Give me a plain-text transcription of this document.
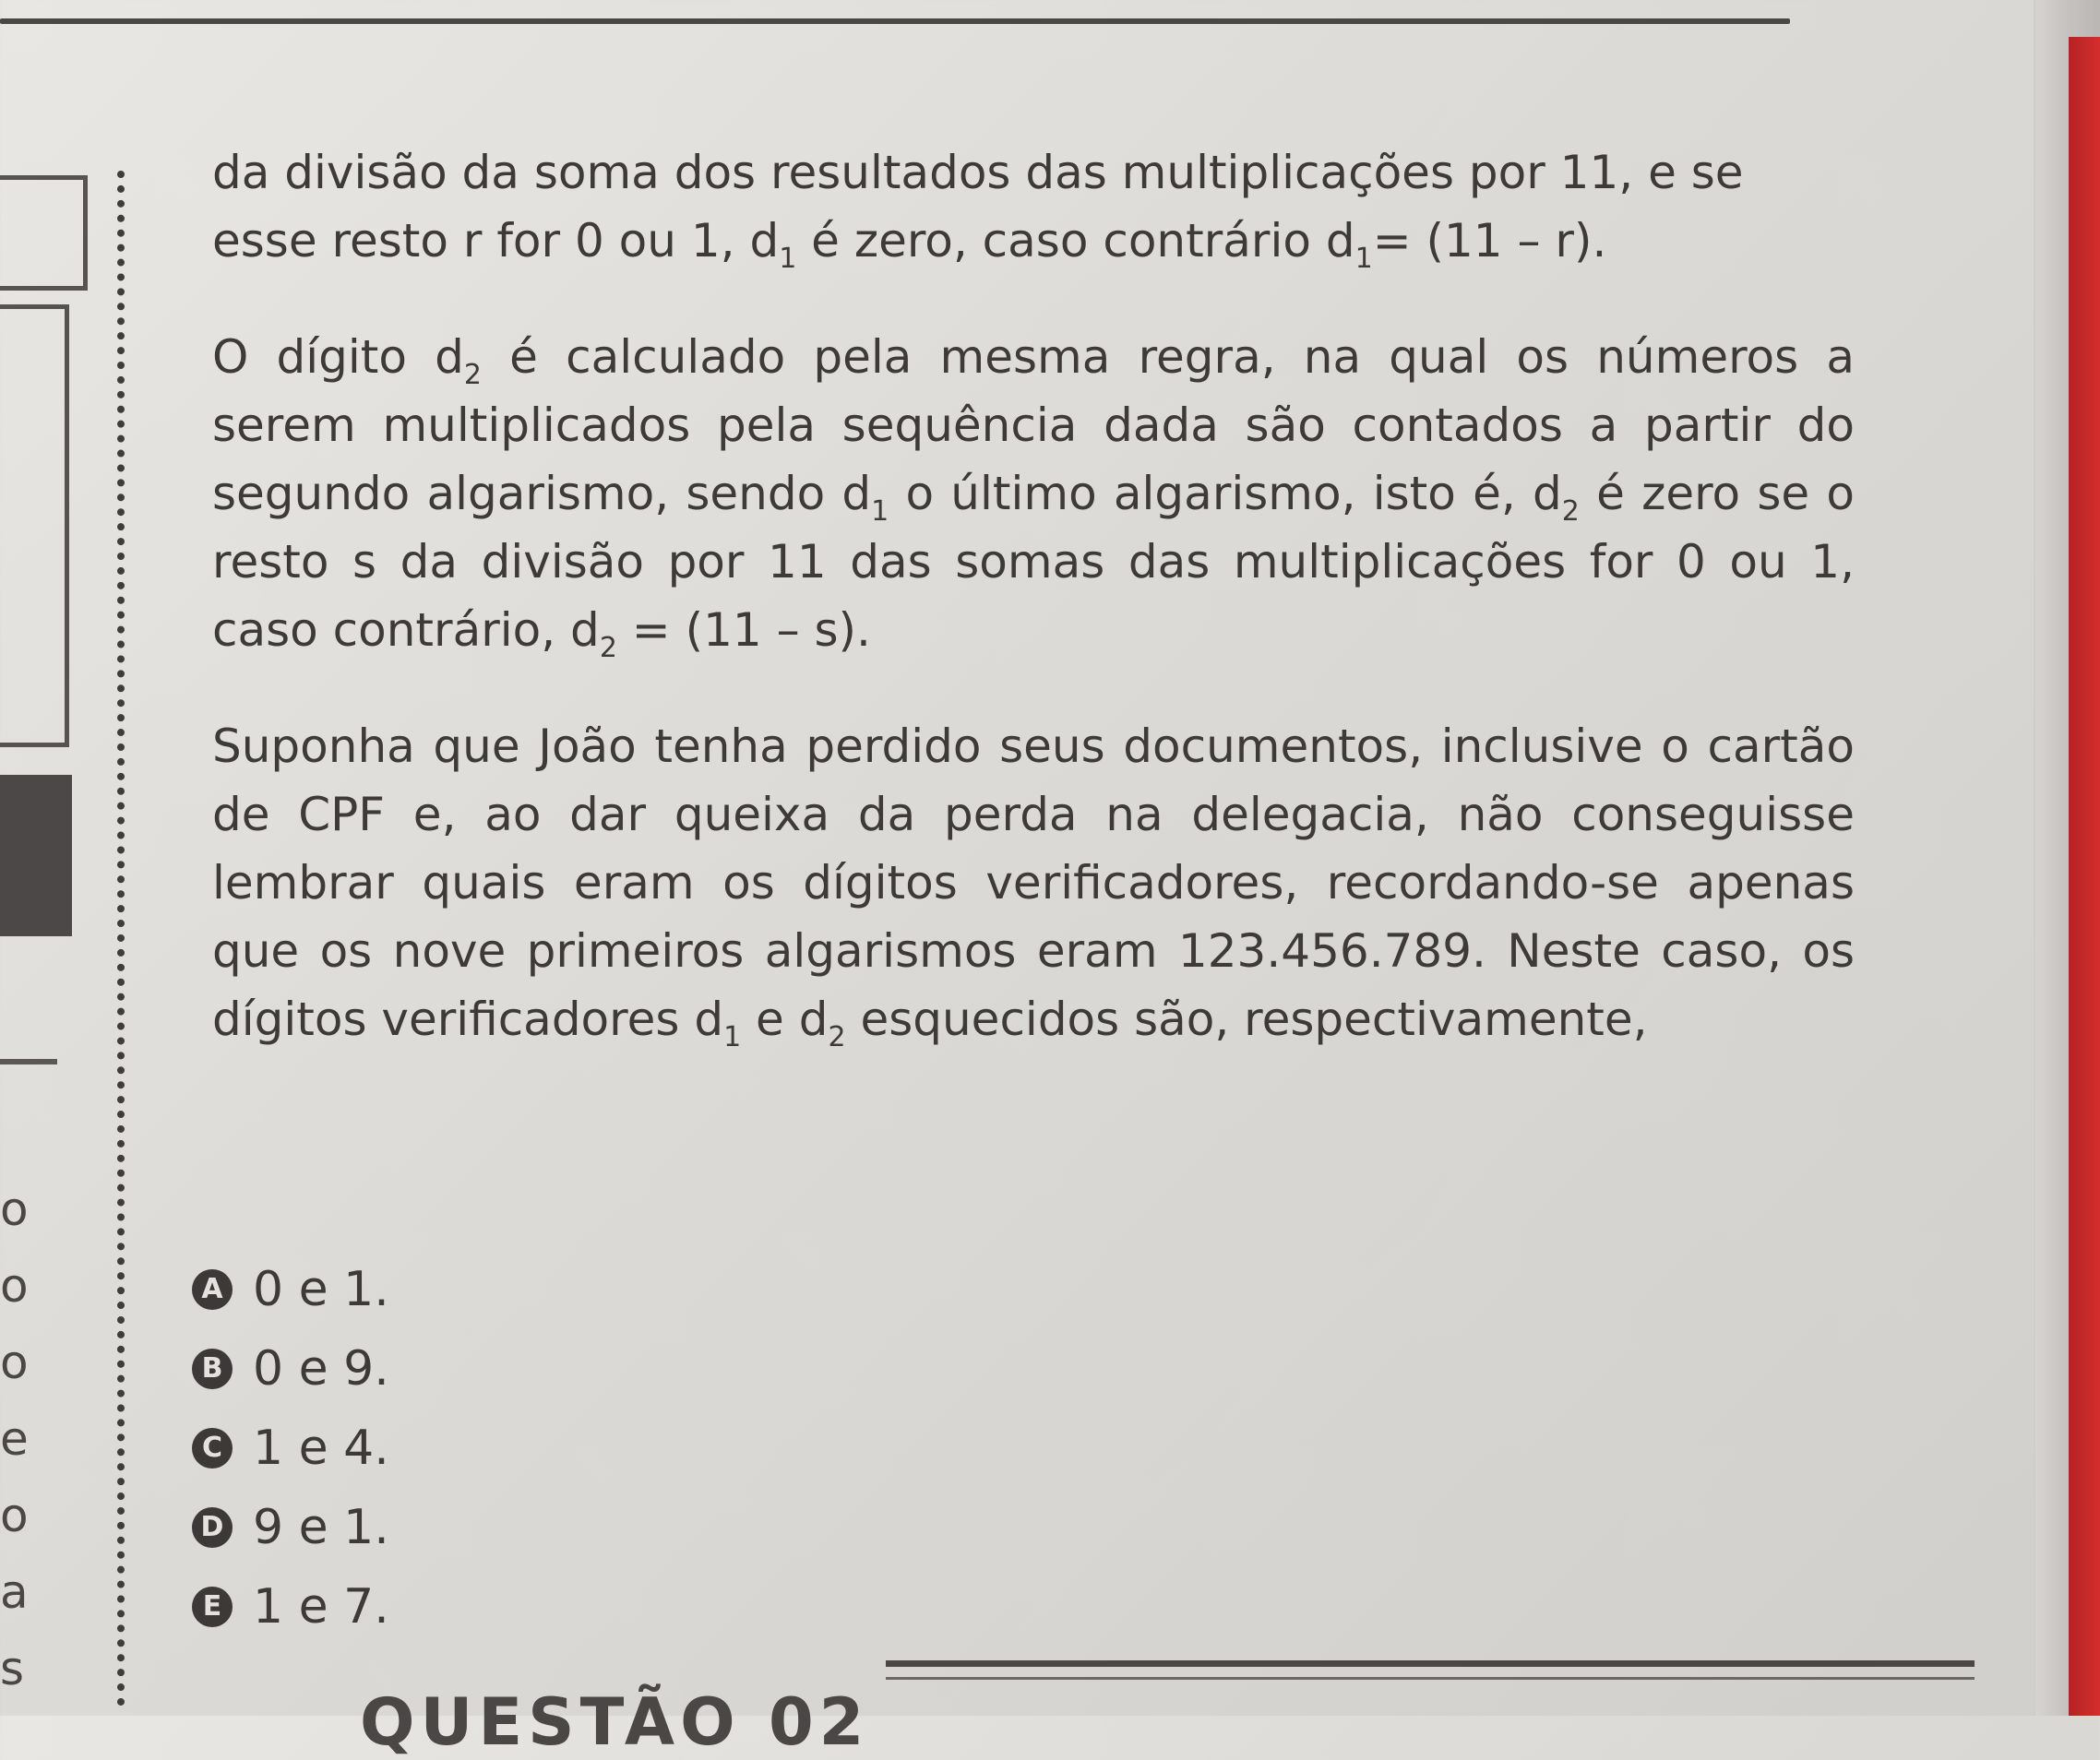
o
o
o
e
o
a
s

da divisão da soma dos resultados das multiplicações por 11, e se
esse resto r for 0 ou 1, $d_1$ é zero, caso contrário $d_1= (11 - r)$.

O dígito $d_2$ é calculado pela mesma regra, na qual os números a serem multiplicados pela sequência dada são contados a partir do segundo algarismo, sendo $d_1$ o último algarismo, isto é, $d_2$ é zero se o resto s da divisão por 11 das somas das multiplicações for 0 ou 1, caso contrário, $d_2 = (11 - s)$.

Suponha que João tenha perdido seus documentos, inclusive o cartão de CPF e, ao dar queixa da perda na delegacia, não conseguisse lembrar quais eram os dígitos verificadores, recordando-se apenas que os nove primeiros algarismos eram 123.456.789. Neste caso, os dígitos verificadores $d_1$ e $d_2$ esquecidos são, respectivamente,

A 0 e 1.
B 0 e 9.
C 1 e 4.
D 9 e 1.
E 1 e 7.
QUESTÃO 02
